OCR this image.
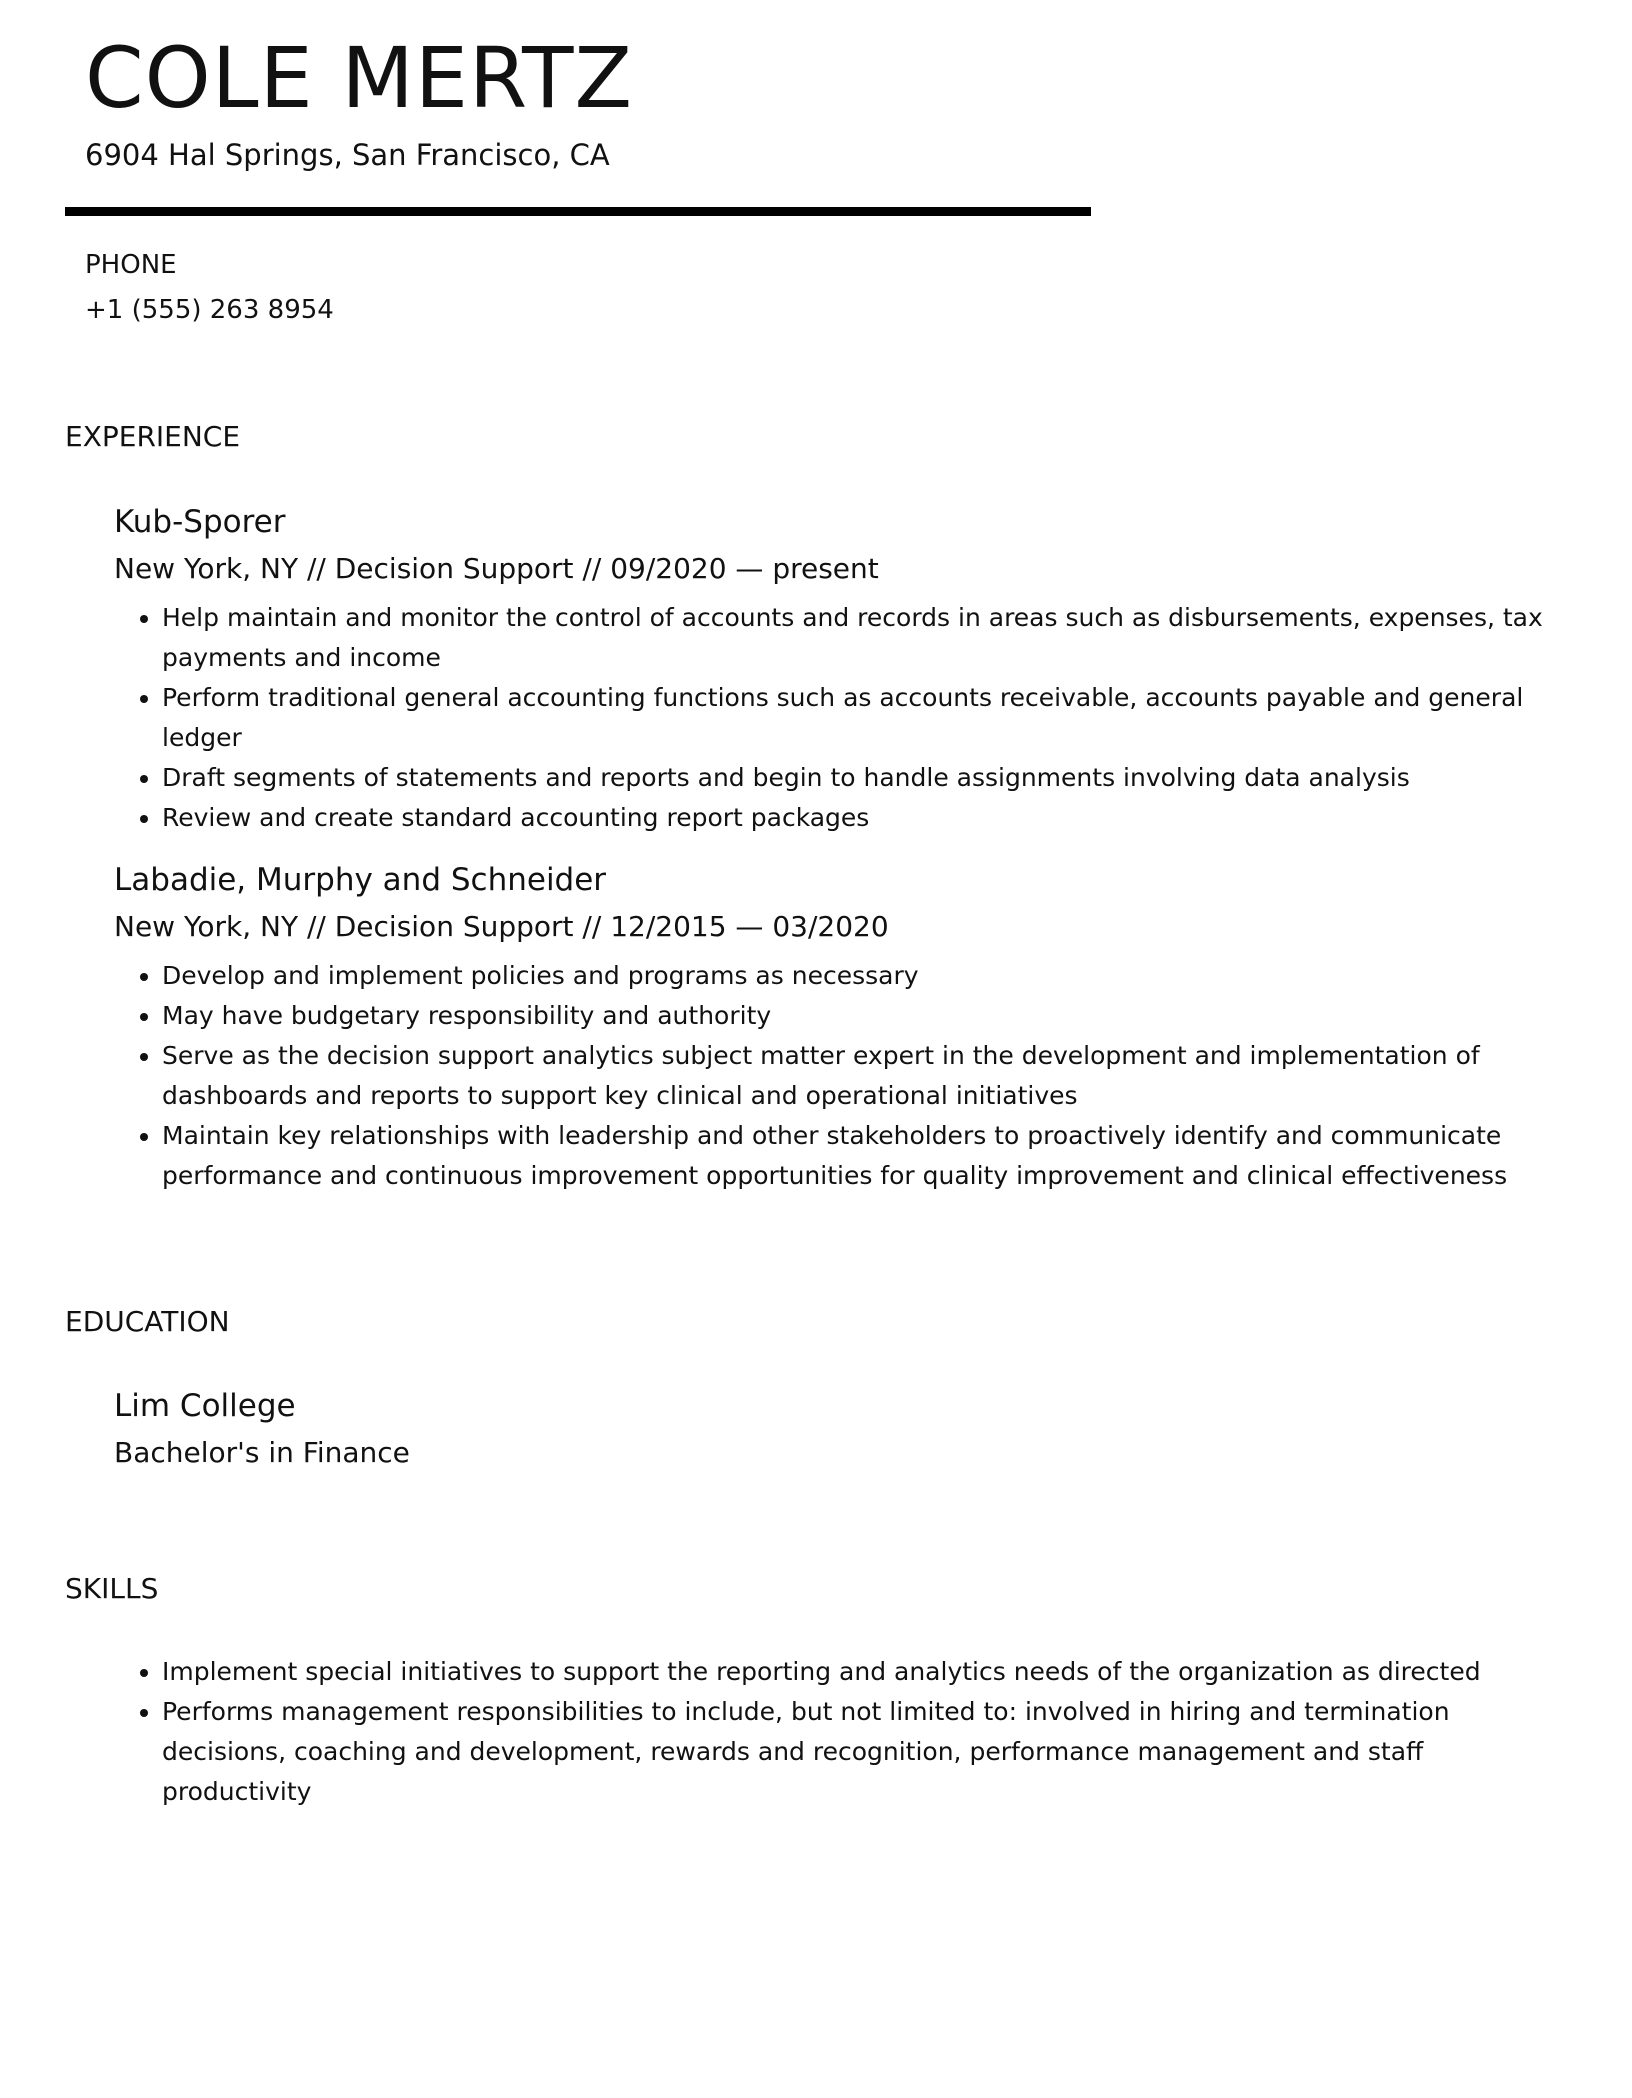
COLE MERTZ
6904 Hal Springs, San Francisco, CA
PHONE
+1 (555) 263 8954
EXPERIENCE
Kub-Sporer
New York, NY // Decision Support // 09/2020 — present
Help maintain and monitor the control of accounts and records in areas such as disbursements, expenses, tax payments and income
Perform traditional general accounting functions such as accounts receivable, accounts payable and general ledger
Draft segments of statements and reports and begin to handle assignments involving data analysis
Review and create standard accounting report packages
Labadie, Murphy and Schneider
New York, NY // Decision Support // 12/2015 — 03/2020
Develop and implement policies and programs as necessary
May have budgetary responsibility and authority
Serve as the decision support analytics subject matter expert in the development and implementation of dashboards and reports to support key clinical and operational initiatives
Maintain key relationships with leadership and other stakeholders to proactively identify and communicate performance and continuous improvement opportunities for quality improvement and clinical effectiveness
EDUCATION
Lim College
Bachelor's in Finance
SKILLS
Implement special initiatives to support the reporting and analytics needs of the organization as directed
Performs management responsibilities to include, but not limited to: involved in hiring and termination decisions, coaching and development, rewards and recognition, performance management and staff productivity
